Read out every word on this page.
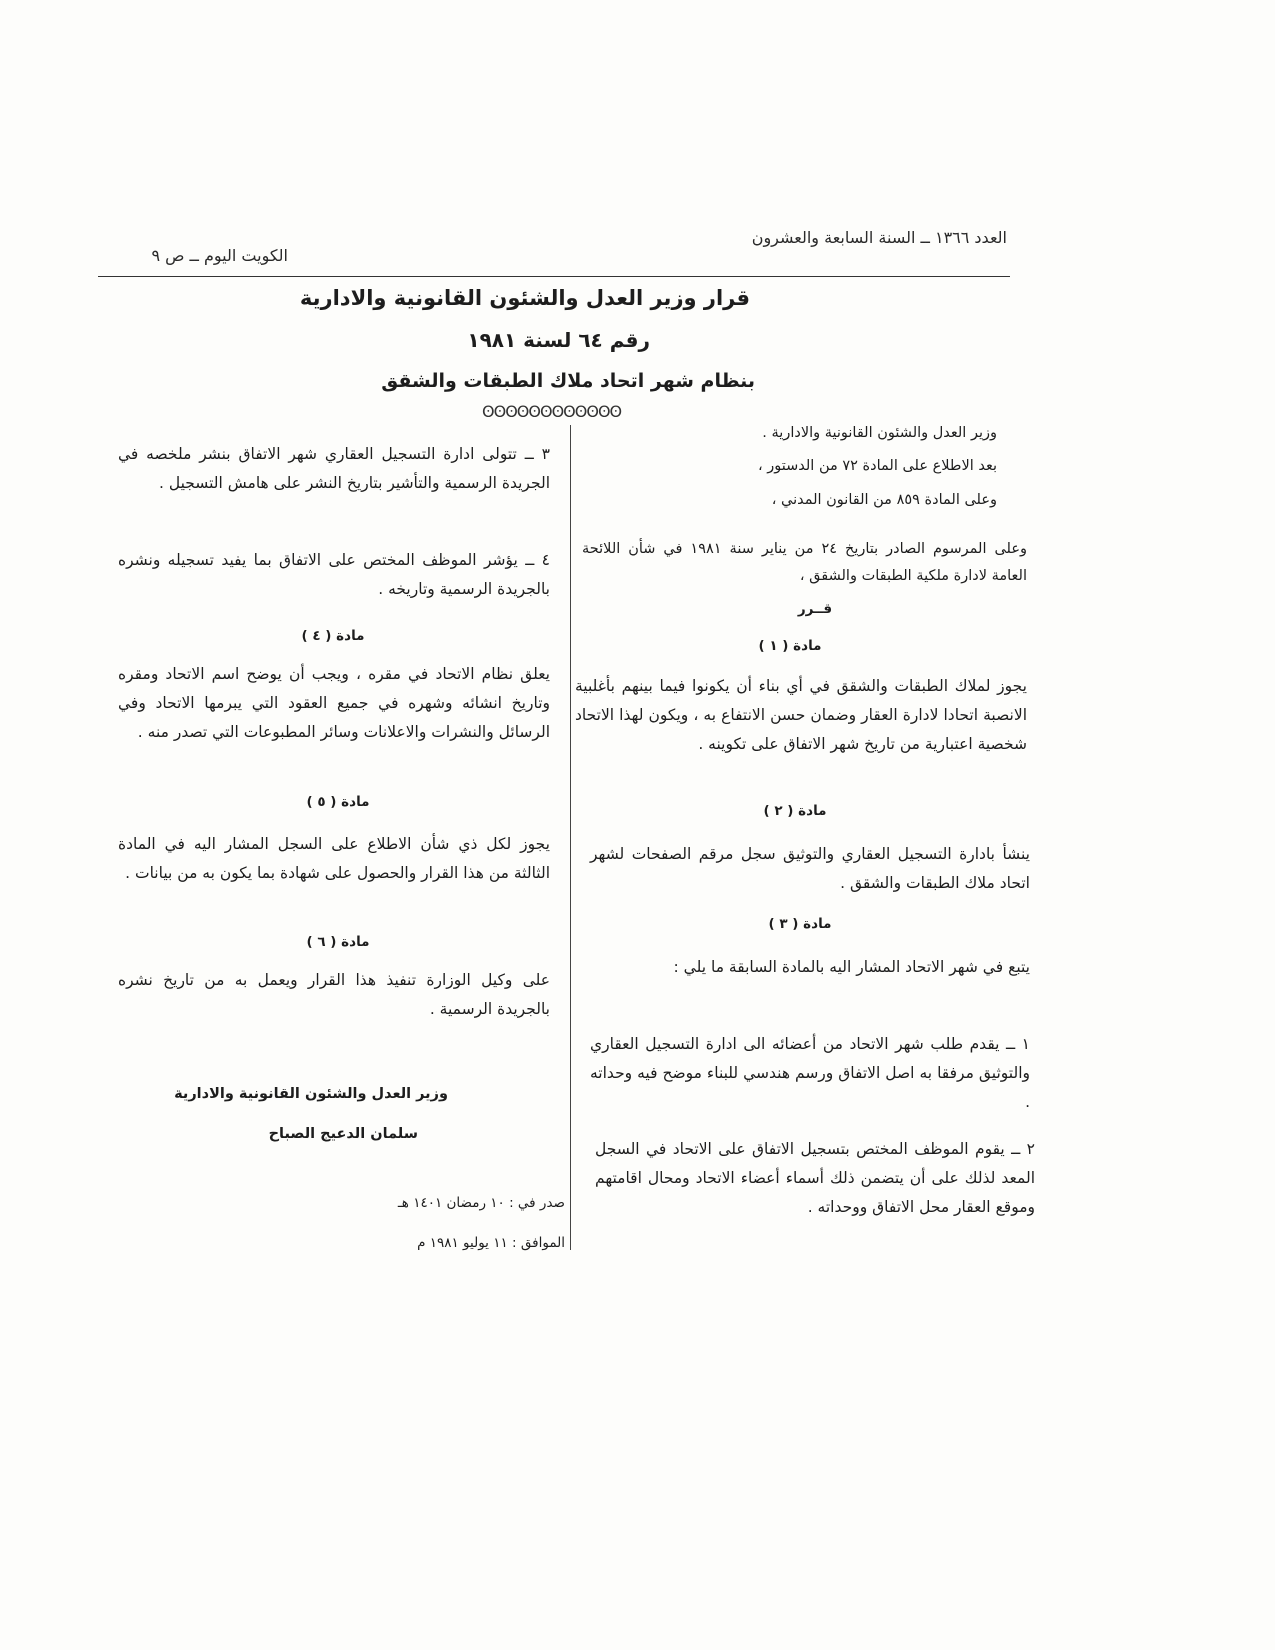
العدد ١٣٦٦ ــ السنة السابعة والعشرون
الكويت اليوم ــ ص ٩
قرار وزير العدل والشئون القانونية والادارية
رقم ٦٤ لسنة ١٩٨١
بنظام شهر اتحاد ملاك الطبقات والشقق
ʘʘʘʘʘʘʘʘʘʘʘʘ
وزير العدل والشئون القانونية والادارية .
بعد الاطلاع على المادة ٧٢ من الدستور ،
وعلى المادة ٨٥٩ من القانون المدني ،
وعلى المرسوم الصادر بتاريخ ٢٤ من يناير سنة ١٩٨١ في شأن اللائحة العامة لادارة ملكية الطبقات والشقق ،
قــرر
مادة ( ١ )
يجوز لملاك الطبقات والشقق في أي بناء أن يكونوا فيما بينهم بأغلبية الانصبة اتحادا لادارة العقار وضمان حسن الانتفاع به ، ويكون لهذا الاتحاد شخصية اعتبارية من تاريخ شهر الاتفاق على تكوينه .
مادة ( ٢ )
ينشأ بادارة التسجيل العقاري والتوثيق سجل مرقم الصفحات لشهر اتحاد ملاك الطبقات والشقق .
مادة ( ٣ )
يتبع في شهر الاتحاد المشار اليه بالمادة السابقة ما يلي :
١ ــ يقدم طلب شهر الاتحاد من أعضائه الى ادارة التسجيل العقاري والتوثيق مرفقا به اصل الاتفاق ورسم هندسي للبناء موضح فيه وحداته .
٢ ــ يقوم الموظف المختص بتسجيل الاتفاق على الاتحاد في السجل المعد لذلك على أن يتضمن ذلك أسماء أعضاء الاتحاد ومحال اقامتهم وموقع العقار محل الاتفاق ووحداته .
٣ ــ تتولى ادارة التسجيل العقاري شهر الاتفاق بنشر ملخصه في الجريدة الرسمية والتأشير بتاريخ النشر على هامش التسجيل .
٤ ــ يؤشر الموظف المختص على الاتفاق بما يفيد تسجيله ونشره بالجريدة الرسمية وتاريخه .
مادة ( ٤ )
يعلق نظام الاتحاد في مقره ، ويجب أن يوضح اسم الاتحاد ومقره وتاريخ انشائه وشهره في جميع العقود التي يبرمها الاتحاد وفي الرسائل والنشرات والاعلانات وسائر المطبوعات التي تصدر منه .
مادة ( ٥ )
يجوز لكل ذي شأن الاطلاع على السجل المشار اليه في المادة الثالثة من هذا القرار والحصول على شهادة بما يكون به من بيانات .
مادة ( ٦ )
على وكيل الوزارة تنفيذ هذا القرار ويعمل به من تاريخ نشره بالجريدة الرسمية .
وزير العدل والشئون القانونية والادارية
سلمان الدعيج الصباح
صدر في : ١٠ رمضان ١٤٠١ هـ
الموافق : ١١ يوليو ١٩٨١ م
